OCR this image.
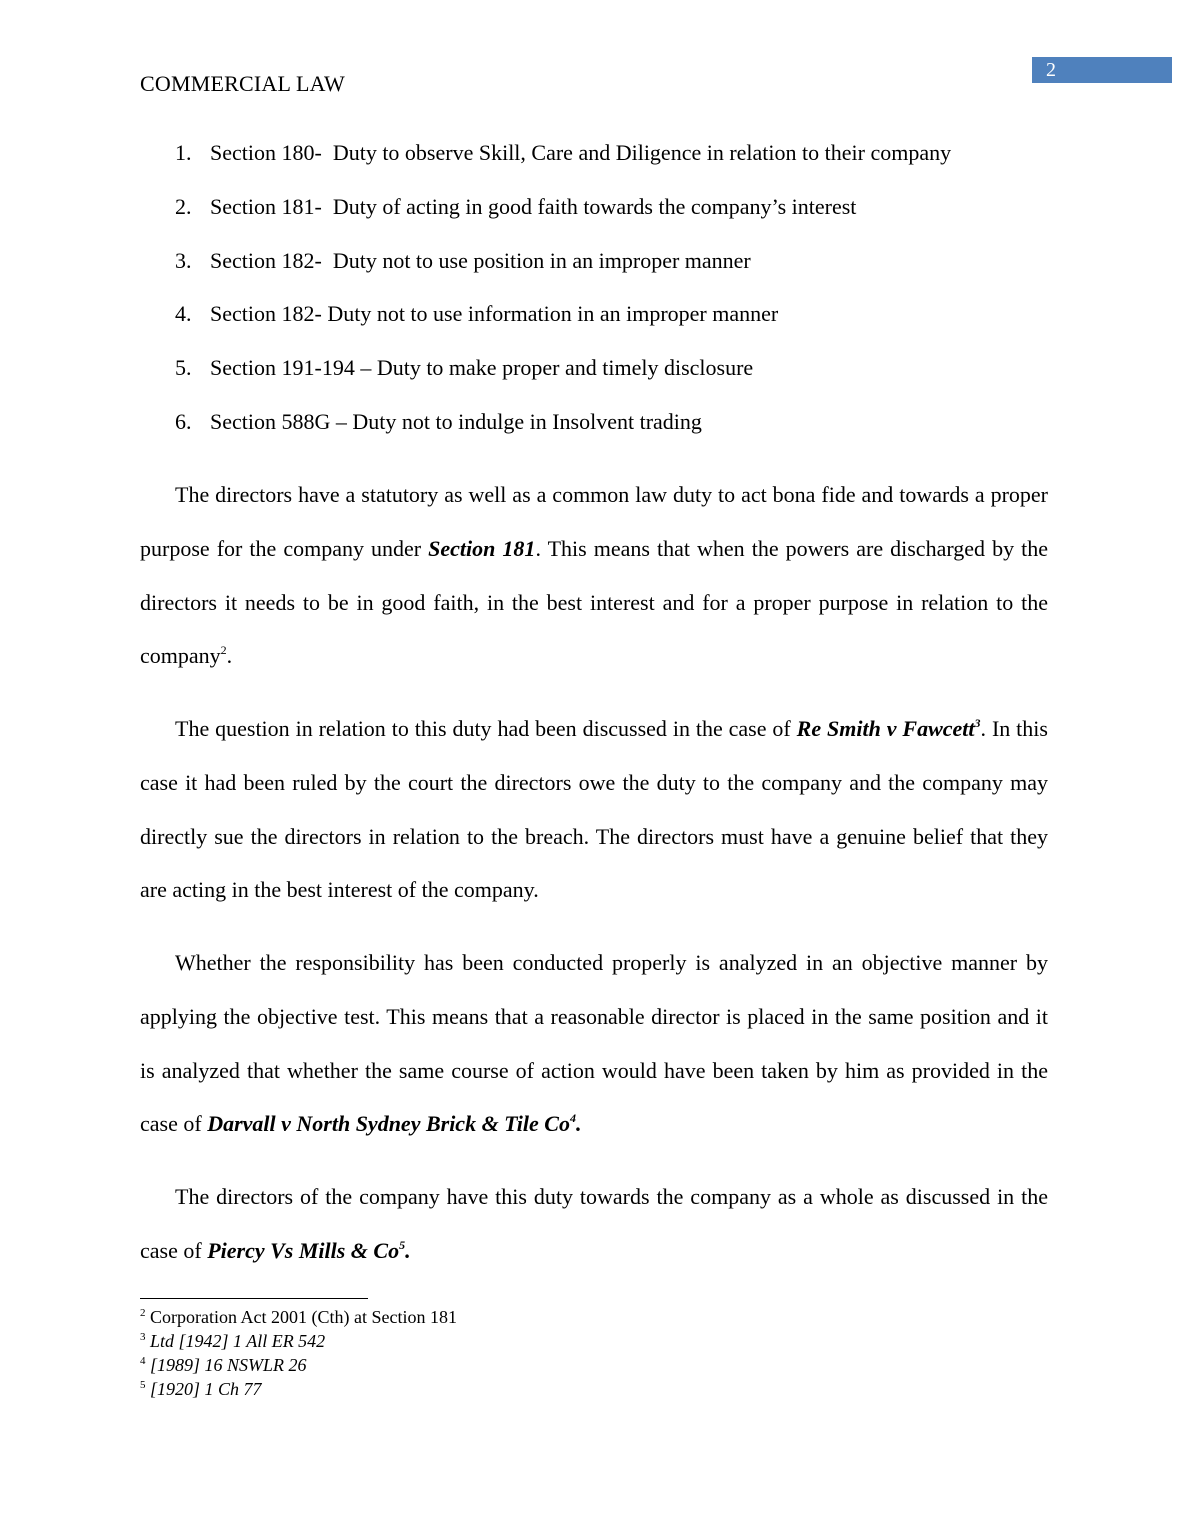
2
COMMERCIAL LAW
1. Section 180-  Duty to observe Skill, Care and Diligence in relation to their company
2. Section 181-  Duty of acting in good faith towards the company’s interest
3. Section 182-  Duty not to use position in an improper manner
4. Section 182- Duty not to use information in an improper manner
5. Section 191-194 – Duty to make proper and timely disclosure
6. Section 588G – Duty not to indulge in Insolvent trading

The directors have a statutory as well as a common law duty to act bona fide and towards a proper purpose for the company under Section 181. This means that when the powers are discharged by the directors it needs to be in good faith, in the best interest and for a proper purpose in relation to the company$^2$.

The question in relation to this duty had been discussed in the case of Re Smith v Fawcett$^3$. In this case it had been ruled by the court the directors owe the duty to the company and the company may directly sue the directors in relation to the breach. The directors must have a genuine belief that they are acting in the best interest of the company.

Whether the responsibility has been conducted properly is analyzed in an objective manner by applying the objective test. This means that a reasonable director is placed in the same position and it is analyzed that whether the same course of action would have been taken by him as provided in the case of Darvall v North Sydney Brick & Tile Co$^4$.

The directors of the company have this duty towards the company as a whole as discussed in the case of Piercy Vs Mills & Co$^5$.

$^2$ Corporation Act 2001 (Cth) at Section 181
$^3$ Ltd [1942] 1 All ER 542
$^4$ [1989] 16 NSWLR 26
$^5$ [1920] 1 Ch 77
